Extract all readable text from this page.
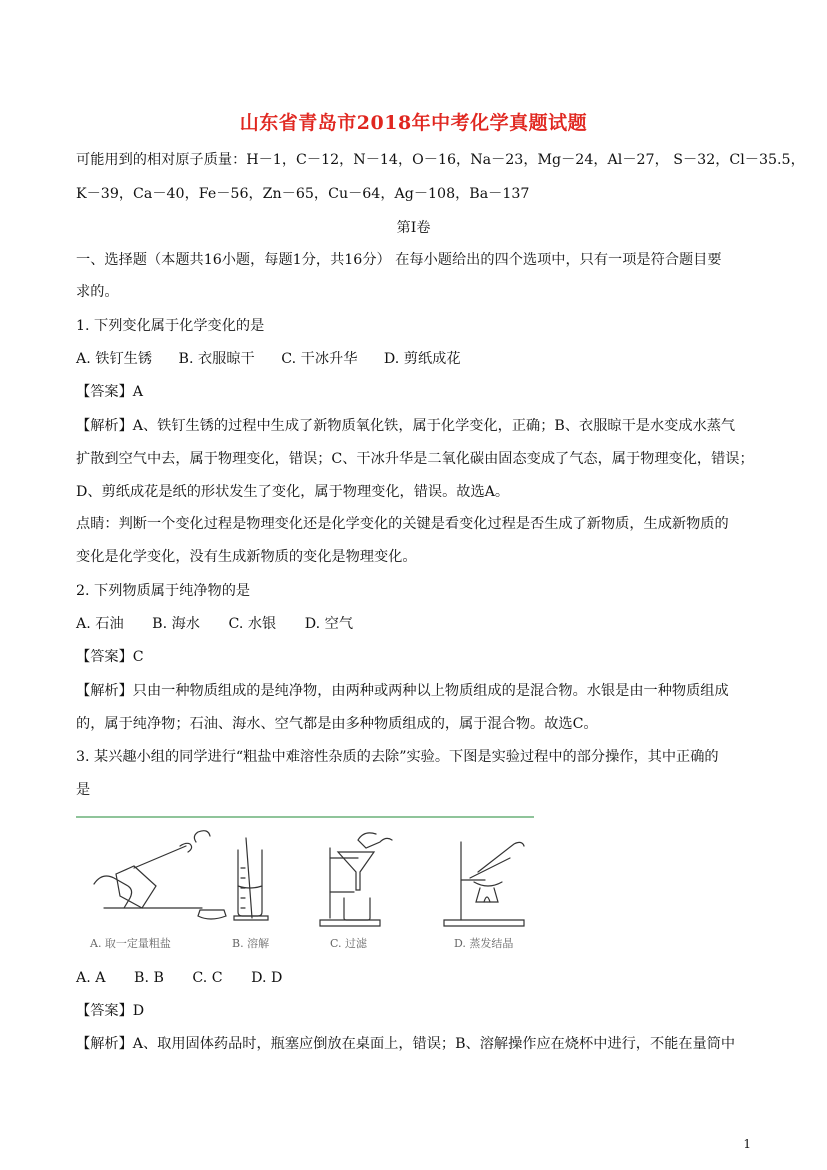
山东省青岛市2018年中考化学真题试题
可能用到的相对原子质量：H－1，C－12，N－14，O－16，Na－23，Mg－24，Al－27， S－32，Cl－35.5，
K－39，Ca－40，Fe－56，Zn－65，Cu－64，Ag－108，Ba－137
第Ⅰ卷
一、选择题（本题共16小题，每题1分，共16分） 在每小题给出的四个选项中，只有一项是符合题目要
求的。
1. 下列变化属于化学变化的是
A. 铁钉生锈 B. 衣服晾干 C. 干冰升华 D. 剪纸成花
【答案】A
【解析】A、铁钉生锈的过程中生成了新物质氧化铁，属于化学变化，正确；B、衣服晾干是水变成水蒸气
扩散到空气中去，属于物理变化，错误；C、干冰升华是二氧化碳由固态变成了气态，属于物理变化，错误；
D、剪纸成花是纸的形状发生了变化，属于物理变化，错误。故选A。
点睛：判断一个变化过程是物理变化还是化学变化的关键是看变化过程是否生成了新物质，生成新物质的
变化是化学变化，没有生成新物质的变化是物理变化。
2. 下列物质属于纯净物的是
A. 石油 B. 海水 C. 水银 D. 空气
【答案】C
【解析】只由一种物质组成的是纯净物，由两种或两种以上物质组成的是混合物。水银是由一种物质组成
的，属于纯净物；石油、海水、空气都是由多种物质组成的，属于混合物。故选C。
3. 某兴趣小组的同学进行“粗盐中难溶性杂质的去除”实验。下图是实验过程中的部分操作，其中正确的
是
A. 取一定量粗盐	B. 溶解	C. 过滤	D. 蒸发结晶
A. A B. B C. C D. D
【答案】D
【解析】A、取用固体药品时，瓶塞应倒放在桌面上，错误；B、溶解操作应在烧杯中进行，不能在量筒中
1
